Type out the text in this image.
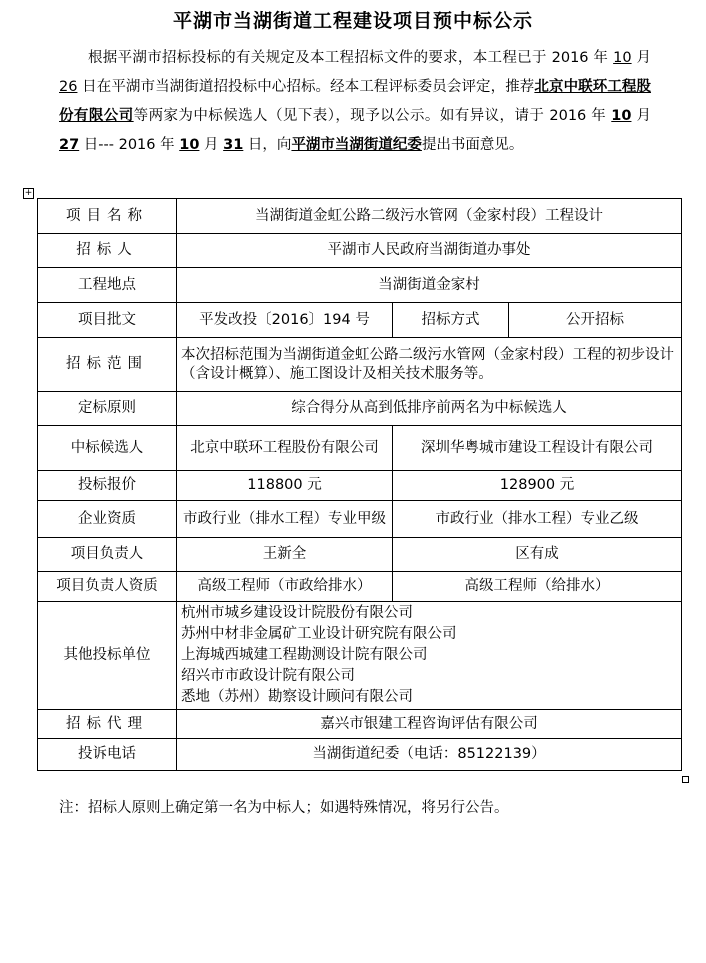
平湖市当湖街道工程建设项目预中标公示
根据平湖市招标投标的有关规定及本工程招标文件的要求，本工程已于 2016 年 10 月 26 日在平湖市当湖街道招投标中心招标。经本工程评标委员会评定，推荐北京中联环工程股份有限公司等两家为中标候选人（见下表），现予以公示。如有异议，请于 2016 年 10 月 27 日--- 2016 年 10 月 31 日，向平湖市当湖街道纪委提出书面意见。
+
项目名称	当湖街道金虹公路二级污水管网（金家村段）工程设计		
招标人	平湖市人民政府当湖街道办事处		
工程地点	当湖街道金家村		
项目批文	平发改投〔2016〕194 号	招标方式	公开招标
招标范围	本次招标范围为当湖街道金虹公路二级污水管网（金家村段）工程的初步设计（含设计概算）、施工图设计及相关技术服务等。		
定标原则	综合得分从高到低排序前两名为中标候选人		
中标候选人	北京中联环工程股份有限公司	深圳华粤城市建设工程设计有限公司	
投标报价	118800 元	128900 元	
企业资质	市政行业（排水工程）专业甲级	市政行业（排水工程）专业乙级	
项目负责人	王新全	区有成	
项目负责人资质	高级工程师（市政给排水）	高级工程师（给排水）	
其他投标单位	杭州市城乡建设设计院股份有限公司
苏州中材非金属矿工业设计研究院有限公司
上海城西城建工程勘测设计院有限公司
绍兴市市政设计院有限公司
悉地（苏州）勘察设计顾问有限公司		

招标代理	嘉兴市银建工程咨询评估有限公司		
投诉电话	当湖街道纪委（电话：85122139）		
注：招标人原则上确定第一名为中标人；如遇特殊情况，将另行公告。
